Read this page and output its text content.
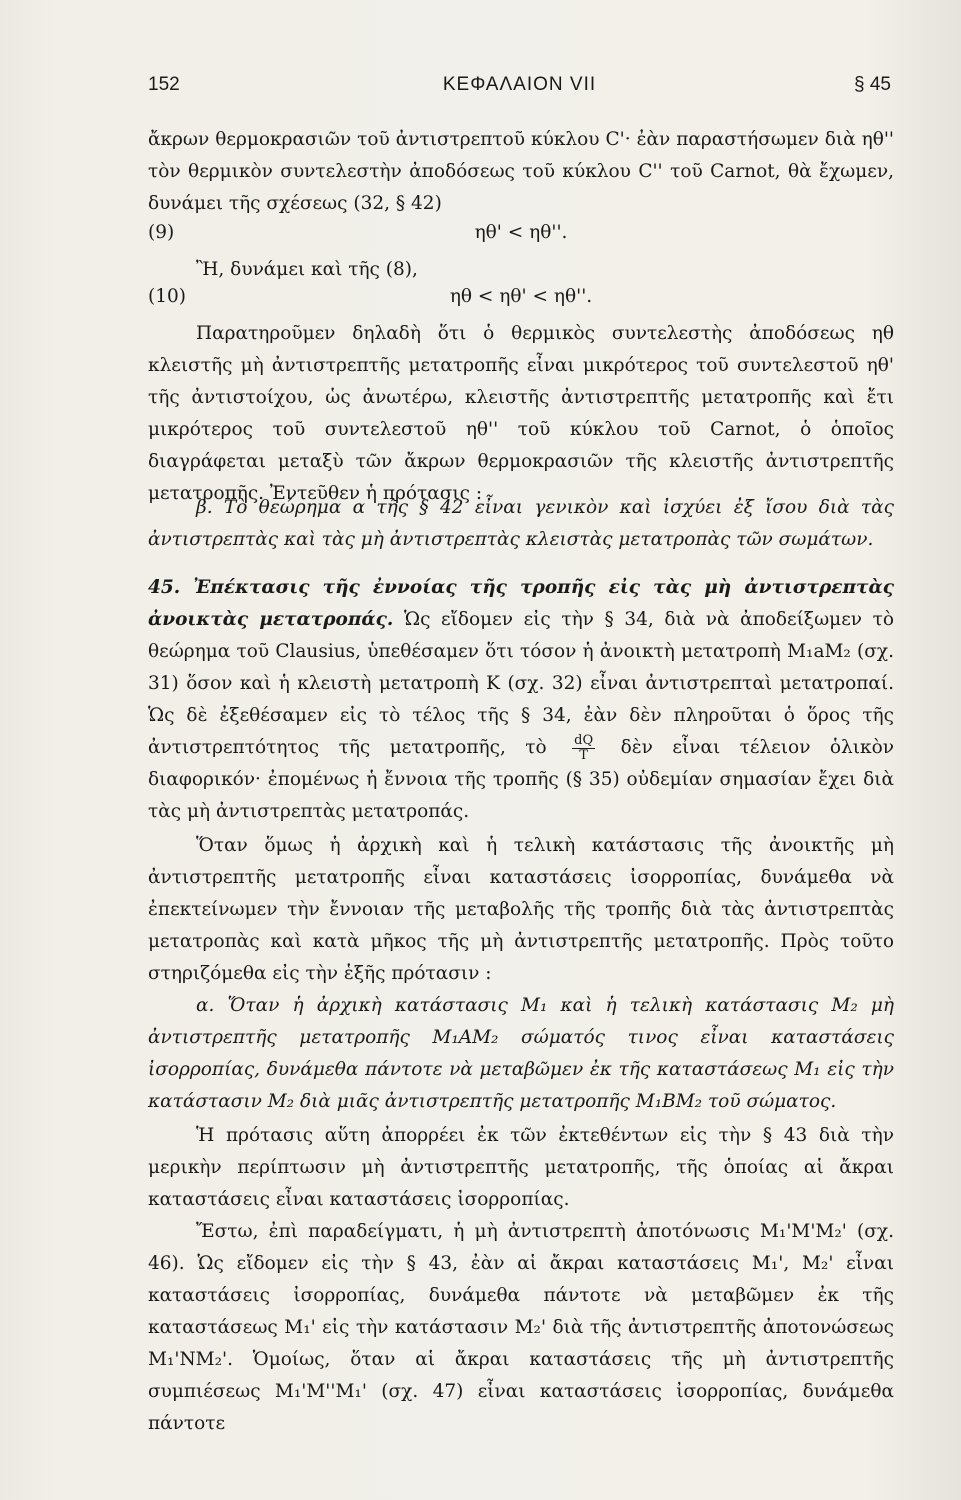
152	ΚΕΦΑΛΑΙΟΝ VII	§ 45

ἄκρων θερμοκρασιῶν τοῦ ἀντιστρεπτοῦ κύκλου C'· ἐὰν παραστήσωμεν διὰ ηθ'' τὸν θερμικὸν συντελεστὴν ἀποδόσεως τοῦ κύκλου C'' τοῦ Carnot, θὰ ἔχωμεν, δυνάμει τῆς σχέσεως (32, § 42)

(9)	ηθ' < ηθ''.

Ἢ, δυνάμει καὶ τῆς (8),

(10)	ηθ < ηθ' < ηθ''.

Παρατηροῦμεν δηλαδὴ ὅτι ὁ θερμικὸς συντελεστὴς ἀποδόσεως ηθ κλειστῆς μὴ ἀντιστρεπτῆς μετατροπῆς εἶναι μικρότερος τοῦ συντελεστοῦ ηθ' τῆς ἀντιστοίχου, ὡς ἀνωτέρω, κλειστῆς ἀντιστρεπτῆς μετατροπῆς καὶ ἔτι μικρότερος τοῦ συντελεστοῦ ηθ'' τοῦ κύκλου τοῦ Carnot, ὁ ὁποῖος διαγράφεται μεταξὺ τῶν ἄκρων θερμοκρασιῶν τῆς κλειστῆς ἀντιστρεπτῆς μετατροπῆς. Ἐντεῦθεν ἡ πρότασις :

β. Τὸ θεώρημα α τῆς § 42 εἶναι γενικὸν καὶ ἰσχύει ἐξ ἴσου διὰ τὰς ἀντιστρεπτὰς καὶ τὰς μὴ ἀντιστρεπτὰς κλειστὰς μετατροπὰς τῶν σωμάτων.

45. Ἐπέκτασις τῆς ἐννοίας τῆς τροπῆς εἰς τὰς μὴ ἀντιστρεπτὰς ἀνοικτὰς μετατροπάς. Ὡς εἴδομεν εἰς τὴν § 34, διὰ νὰ ἀποδείξωμεν τὸ θεώρημα τοῦ Clausius, ὑπεθέσαμεν ὅτι τόσον ἡ ἀνοικτὴ μετατροπὴ M₁aM₂ (σχ. 31) ὅσον καὶ ἡ κλειστὴ μετατροπὴ K (σχ. 32) εἶναι ἀντιστρεπταὶ μετατροπαί. Ὡς δὲ ἐξεθέσαμεν εἰς τὸ τέλος τῆς § 34, ἐὰν δὲν πληροῦται ὁ ὅρος τῆς ἀντιστρεπτότητος τῆς μετατροπῆς, τὸ $\frac{dQ}{T}$ δὲν εἶναι τέλειον ὁλικὸν διαφορικόν· ἐπομένως ἡ ἔννοια τῆς τροπῆς (§ 35) οὐδεμίαν σημασίαν ἔχει διὰ τὰς μὴ ἀντιστρεπτὰς μετατροπάς.

Ὅταν ὅμως ἡ ἀρχικὴ καὶ ἡ τελικὴ κατάστασις τῆς ἀνοικτῆς μὴ ἀντιστρεπτῆς μετατροπῆς εἶναι καταστάσεις ἰσορροπίας, δυνάμεθα νὰ ἐπεκτείνωμεν τὴν ἔννοιαν τῆς μεταβολῆς τῆς τροπῆς διὰ τὰς ἀντιστρεπτὰς μετατροπὰς καὶ κατὰ μῆκος τῆς μὴ ἀντιστρεπτῆς μετατροπῆς. Πρὸς τοῦτο στηριζόμεθα εἰς τὴν ἑξῆς πρότασιν :

α. Ὅταν ἡ ἀρχικὴ κατάστασις M₁ καὶ ἡ τελικὴ κατάστασις M₂ μὴ ἀντιστρεπτῆς μετατροπῆς M₁AM₂ σώματός τινος εἶναι καταστάσεις ἰσορροπίας, δυνάμεθα πάντοτε νὰ μεταβῶμεν ἐκ τῆς καταστάσεως M₁ εἰς τὴν κατάστασιν M₂ διὰ μιᾶς ἀντιστρεπτῆς μετατροπῆς M₁BM₂ τοῦ σώματος.

Ἡ πρότασις αὕτη ἀπορρέει ἐκ τῶν ἐκτεθέντων εἰς τὴν § 43 διὰ τὴν μερικὴν περίπτωσιν μὴ ἀντιστρεπτῆς μετατροπῆς, τῆς ὁποίας αἱ ἄκραι καταστάσεις εἶναι καταστάσεις ἰσορροπίας.

Ἔστω, ἐπὶ παραδείγματι, ἡ μὴ ἀντιστρεπτὴ ἀποτόνωσις M₁'M'M₂' (σχ. 46). Ὡς εἴδομεν εἰς τὴν § 43, ἐὰν αἱ ἄκραι καταστάσεις M₁', M₂' εἶναι καταστάσεις ἰσορροπίας, δυνάμεθα πάντοτε νὰ μεταβῶμεν ἐκ τῆς καταστάσεως M₁' εἰς τὴν κατάστασιν M₂' διὰ τῆς ἀντιστρεπτῆς ἀποτονώσεως M₁'NM₂'. Ὁμοίως, ὅταν αἱ ἄκραι καταστάσεις τῆς μὴ ἀντιστρεπτῆς συμπιέσεως M₁'M''M₁' (σχ. 47) εἶναι καταστάσεις ἰσορροπίας, δυνάμεθα πάντοτε
